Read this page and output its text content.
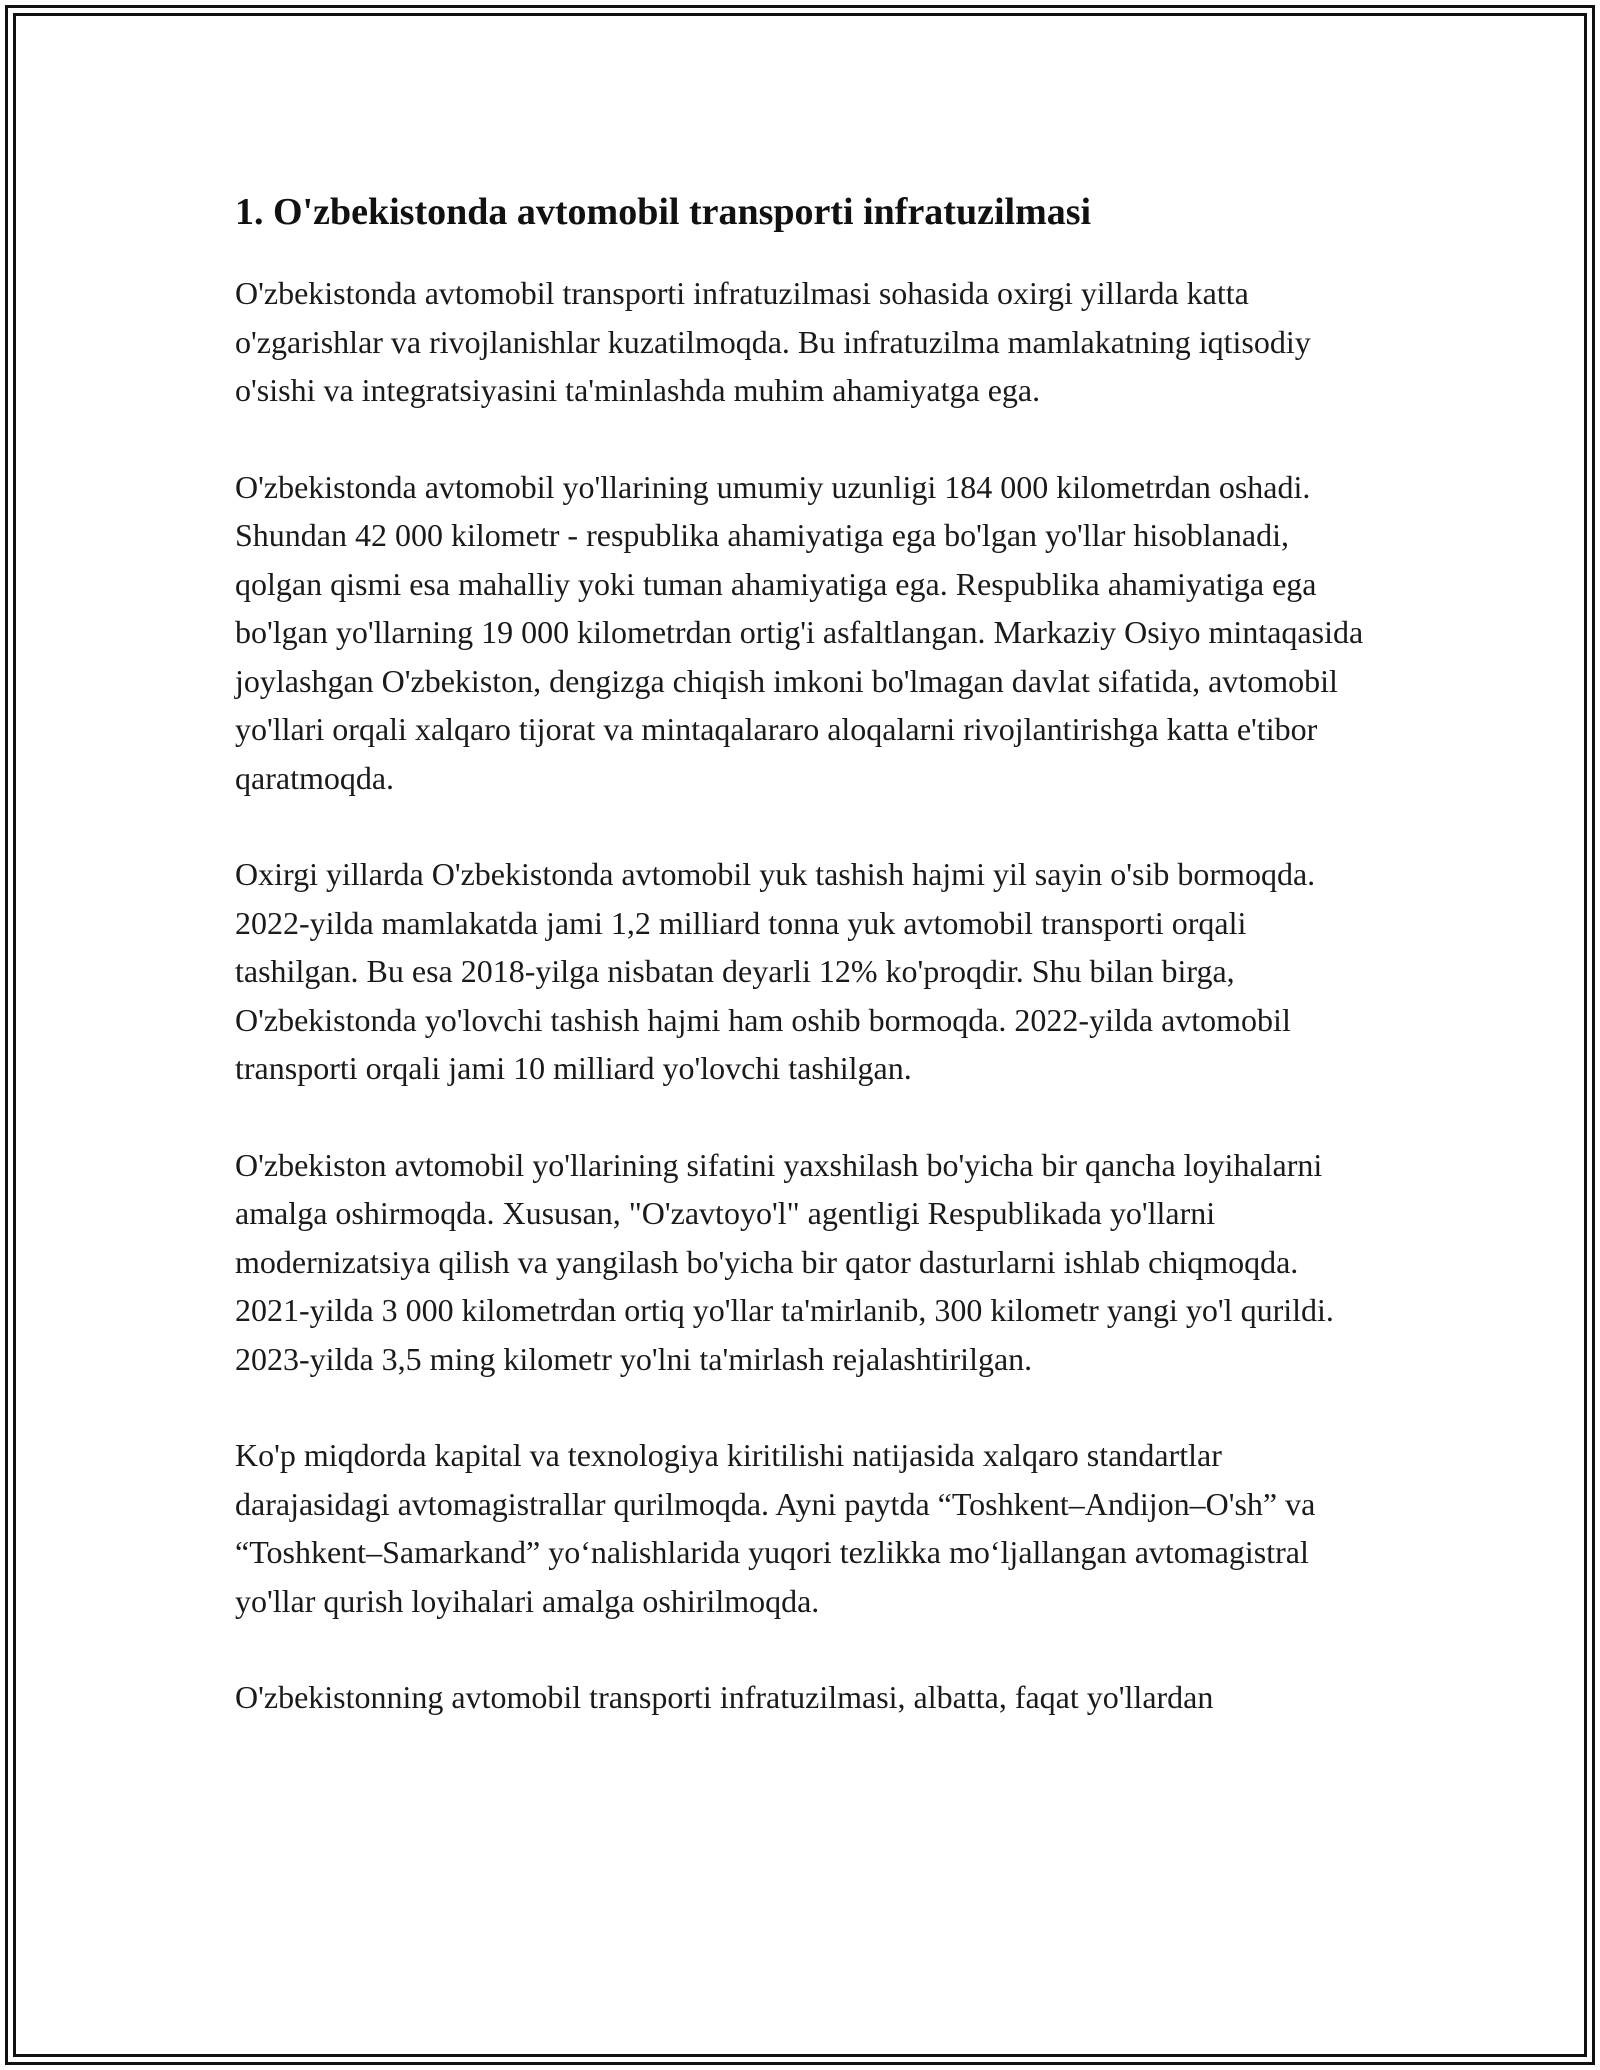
1. O'zbekistonda avtomobil transporti infratuzilmasi

O'zbekistonda avtomobil transporti infratuzilmasi sohasida oxirgi yillarda katta o'zgarishlar va rivojlanishlar kuzatilmoqda. Bu infratuzilma mamlakatning iqtisodiy o'sishi va integratsiyasini ta'minlashda muhim ahamiyatga ega.

O'zbekistonda avtomobil yo'llarining umumiy uzunligi 184 000 kilometrdan oshadi. Shundan 42 000 kilometr - respublika ahamiyatiga ega bo'lgan yo'llar hisoblanadi, qolgan qismi esa mahalliy yoki tuman ahamiyatiga ega. Respublika ahamiyatiga ega bo'lgan yo'llarning 19 000 kilometrdan ortig'i asfaltlangan. Markaziy Osiyo mintaqasida joylashgan O'zbekiston, dengizga chiqish imkoni bo'lmagan davlat sifatida, avtomobil yo'llari orqali xalqaro tijorat va mintaqalararo aloqalarni rivojlantirishga katta e'tibor qaratmoqda.

Oxirgi yillarda O'zbekistonda avtomobil yuk tashish hajmi yil sayin o'sib bormoqda. 2022-yilda mamlakatda jami 1,2 milliard tonna yuk avtomobil transporti orqali tashilgan. Bu esa 2018-yilga nisbatan deyarli 12% ko'proqdir. Shu bilan birga, O'zbekistonda yo'lovchi tashish hajmi ham oshib bormoqda. 2022-yilda avtomobil transporti orqali jami 10 milliard yo'lovchi tashilgan.

O'zbekiston avtomobil yo'llarining sifatini yaxshilash bo'yicha bir qancha loyihalarni amalga oshirmoqda. Xususan, "O'zavtoyo'l" agentligi Respublikada yo'llarni modernizatsiya qilish va yangilash bo'yicha bir qator dasturlarni ishlab chiqmoqda. 2021-yilda 3 000 kilometrdan ortiq yo'llar ta'mirlanib, 300 kilometr yangi yo'l qurildi. 2023-yilda 3,5 ming kilometr yo'lni ta'mirlash rejalashtirilgan.

Ko'p miqdorda kapital va texnologiya kiritilishi natijasida xalqaro standartlar darajasidagi avtomagistrallar qurilmoqda. Ayni paytda “Toshkent–Andijon–O'sh” va “Toshkent–Samarkand” yo‘nalishlarida yuqori tezlikka mo‘ljallangan avtomagistral yo'llar qurish loyihalari amalga oshirilmoqda.

O'zbekistonning avtomobil transporti infratuzilmasi, albatta, faqat yo'llardan
